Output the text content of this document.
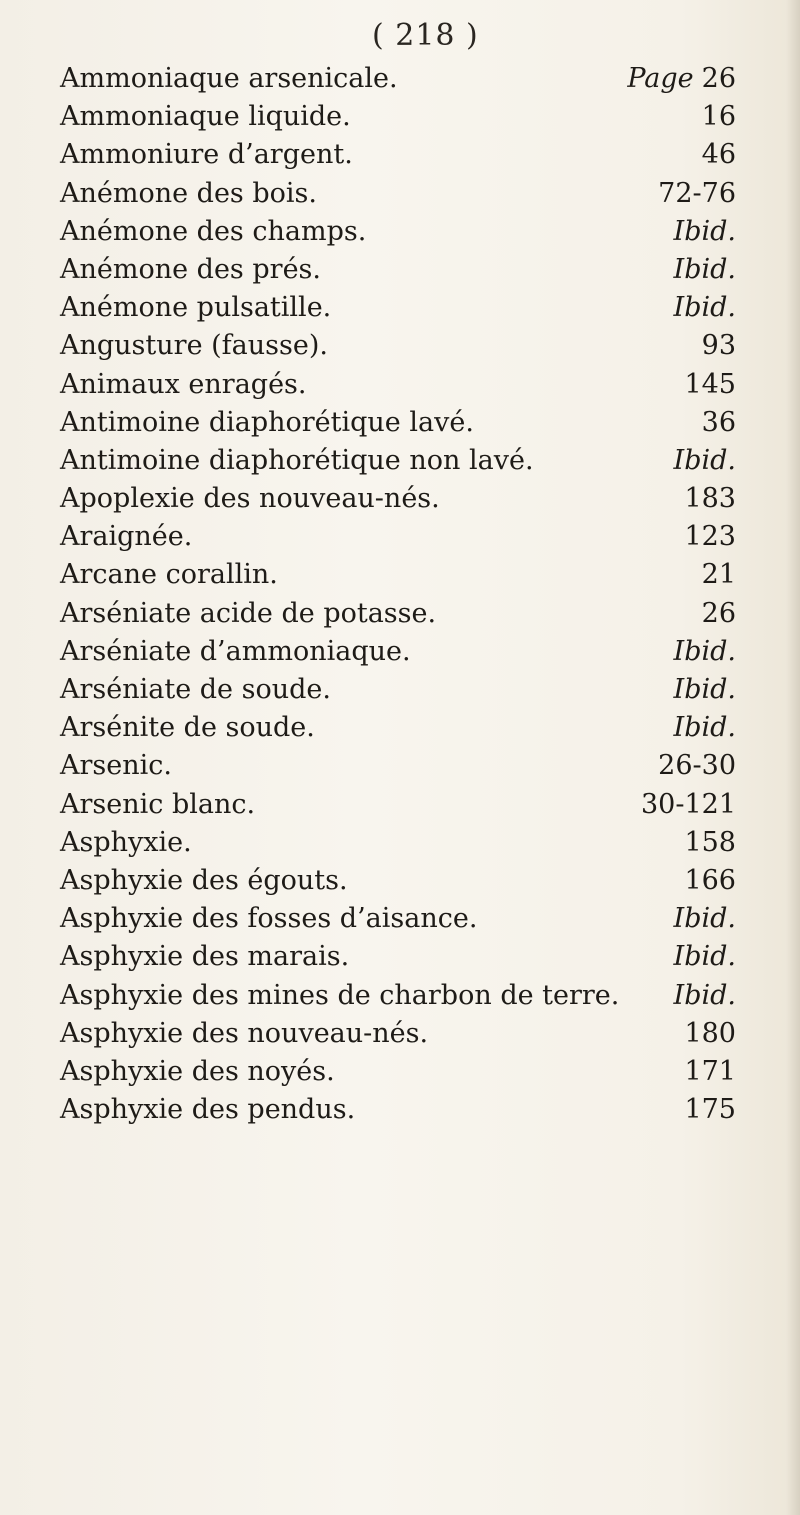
( 218 )
Ammoniaque arsenicale.	Page 26
Ammoniaque liquide.	16
Ammoniure d’argent.	46
Anémone des bois.	72-76
Anémone des champs.	Ibid.
Anémone des prés.	Ibid.
Anémone pulsatille.	Ibid.
Angusture (fausse).	93
Animaux enragés.	145
Antimoine diaphorétique lavé.	36
Antimoine diaphorétique non lavé.	Ibid.
Apoplexie des nouveau-nés.	183
Araignée.	123
Arcane corallin.	21
Arséniate acide de potasse.	26
Arséniate d’ammoniaque.	Ibid.
Arséniate de soude.	Ibid.
Arsénite de soude.	Ibid.
Arsenic.	26-30
Arsenic blanc.	30-121
Asphyxie.	158
Asphyxie des égouts.	166
Asphyxie des fosses d’aisance.	Ibid.
Asphyxie des marais.	Ibid.
Asphyxie des mines de charbon de terre. Ibid.
Asphyxie des nouveau-nés.	180
Asphyxie des noyés.	171
Asphyxie des pendus.	175
